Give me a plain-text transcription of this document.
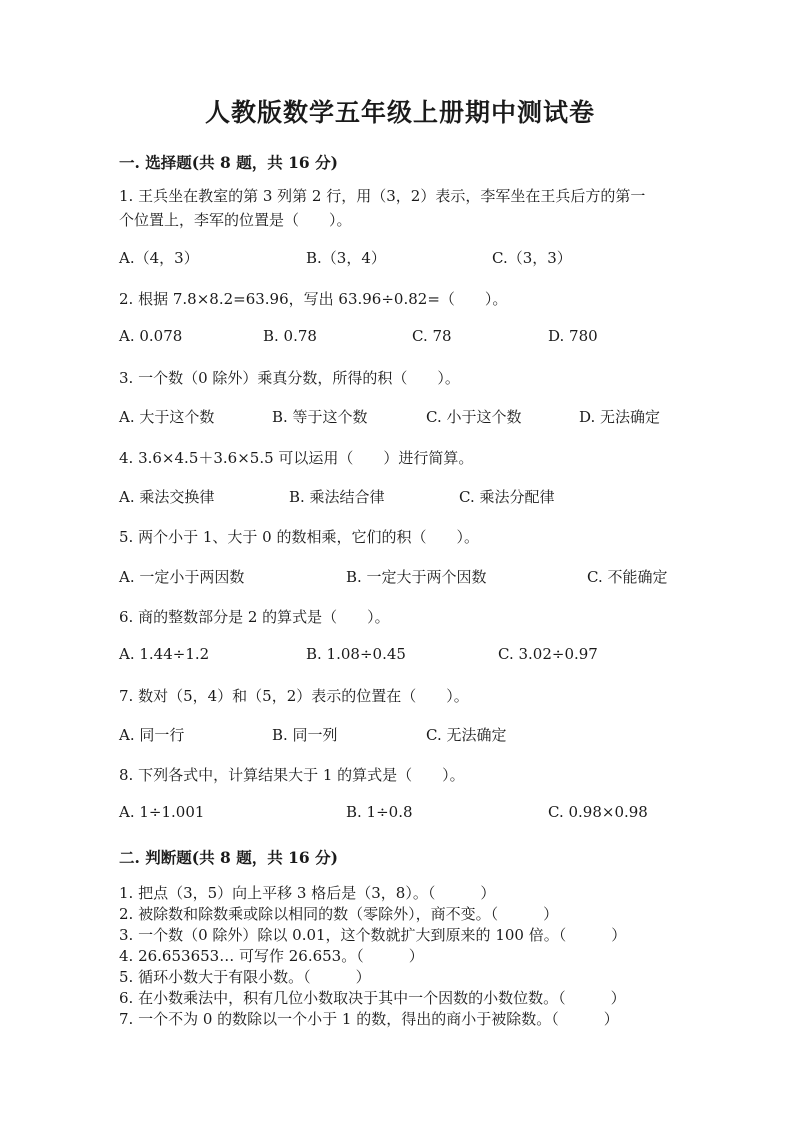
人教版数学五年级上册期中测试卷
一. 选择题(共 8 题，共 16 分)
1. 王兵坐在教室的第 3 列第 2 行，用（3，2）表示，李军坐在王兵后方的第一
个位置上，李军的位置是（　　）。
A.（4，3）	B.（3，4）	C.（3，3）
2. 根据 7.8×8.2=63.96，写出 63.96÷0.82=（　　）。
A. 0.078	B. 0.78	C. 78	D. 780
3. 一个数（0 除外）乘真分数，所得的积（　　）。
A. 大于这个数	B. 等于这个数	C. 小于这个数	D. 无法确定
4. 3.6×4.5＋3.6×5.5 可以运用（　　）进行简算。
A. 乘法交换律	B. 乘法结合律	C. 乘法分配律
5. 两个小于 1、大于 0 的数相乘，它们的积（　　）。
A. 一定小于两因数	B. 一定大于两个因数	C. 不能确定
6. 商的整数部分是 2 的算式是（　　）。
A. 1.44÷1.2	B. 1.08÷0.45	C. 3.02÷0.97
7. 数对（5，4）和（5，2）表示的位置在（　　）。
A. 同一行	B. 同一列	C. 无法确定
8. 下列各式中，计算结果大于 1 的算式是（　　）。
A. 1÷1.001	B. 1÷0.8	C. 0.98×0.98
二. 判断题(共 8 题，共 16 分)
1. 把点（3，5）向上平移 3 格后是（3，8）。（　　　）
2. 被除数和除数乘或除以相同的数（零除外），商不变。（　　　）
3. 一个数（0 除外）除以 0.01，这个数就扩大到原来的 100 倍。（　　　）
4. 26.653653… 可写作 26.653。（　　　）
5. 循环小数大于有限小数。（　　　）
6. 在小数乘法中，积有几位小数取决于其中一个因数的小数位数。（　　　）
7. 一个不为 0 的数除以一个小于 1 的数，得出的商小于被除数。（　　　）
